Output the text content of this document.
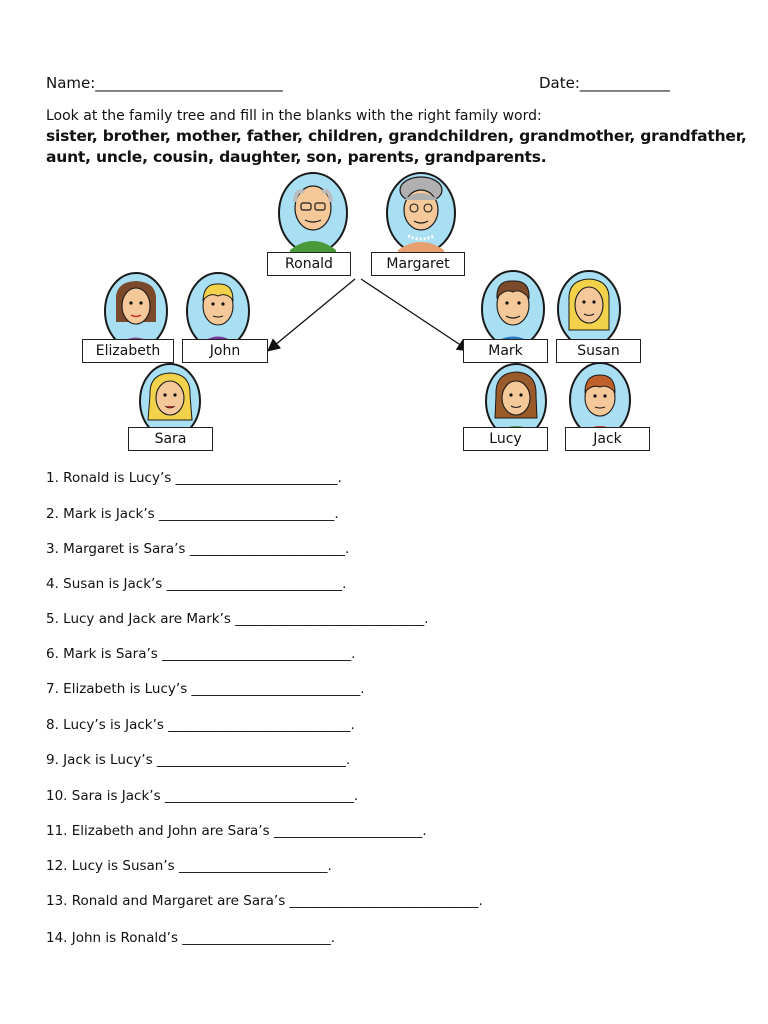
Name:_________________________	Date:____________
Look at the family tree and fill in the blanks with the right family word:
sister, brother, mother, father, children, grandchildren, grandmother, grandfather,
aunt, uncle, cousin, daughter, son, parents, grandparents.
Ronald	Margaret
Elizabeth	John	Mark	Susan
Sara	Lucy	Jack
1. Ronald is Lucy’s ________________________.
2. Mark is Jack’s __________________________.
3. Margaret is Sara’s _______________________.
4. Susan is Jack’s __________________________.
5. Lucy and Jack are Mark’s ____________________________.
6. Mark is Sara’s ____________________________.
7. Elizabeth is Lucy’s _________________________.
8. Lucy’s is Jack’s ___________________________.
9. Jack is Lucy’s ____________________________.
10. Sara is Jack’s ____________________________.
11. Elizabeth and John are Sara’s ______________________.
12. Lucy is Susan’s ______________________.
13. Ronald and Margaret are Sara’s ____________________________.
14. John is Ronald’s ______________________.
